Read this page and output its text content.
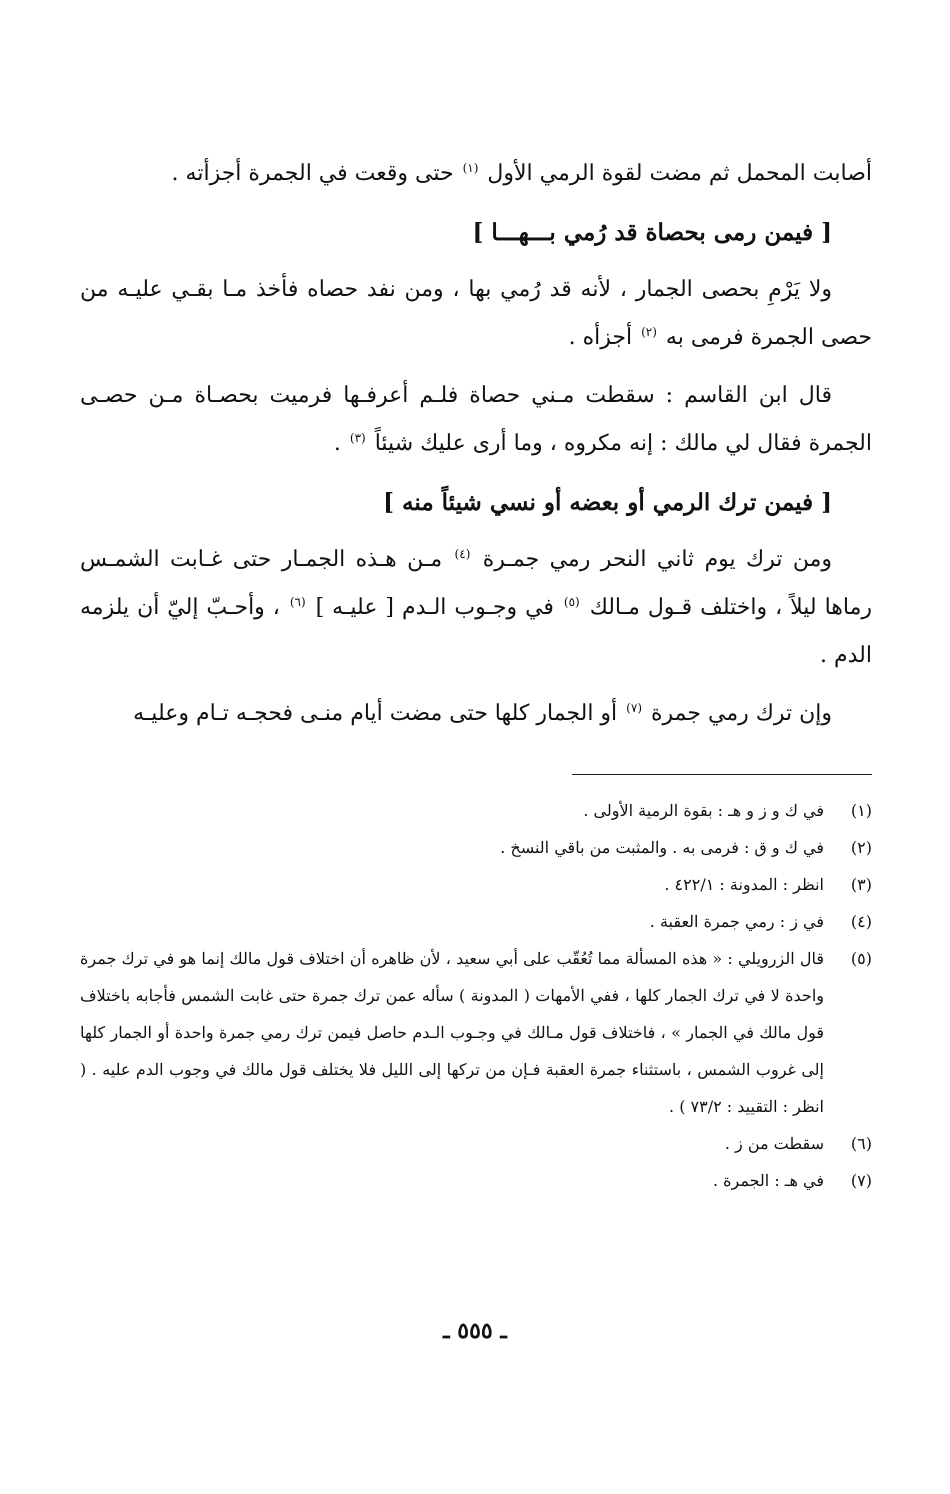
أصابت المحمل ثم مضت لقوة الرمي الأول $^{(١)}$ حتى وقعت في الجمرة أجزأته .

[ فيمن رمى بحصاة قد رُمي بـــهـــا ]

ولا يَرْمِ بحصى الجمار ، لأنه قد رُمي بها ، ومن نفد حصاه فأخذ مـا بقـي عليـه من حصى الجمرة فرمى به $^{(٢)}$ أجزأه .

قال ابن القاسم : سقطت مـني حصاة فلـم أعرفـها فرميت بحصـاة مـن حصـى الجمرة فقال لي مالك : إنه مكروه ، وما أرى عليك شيئاً $^{(٣)}$ .

[ فيمن ترك الرمي أو بعضه أو نسي شيئاً منه ]

ومن ترك يوم ثاني النحر رمي جمـرة $^{(٤)}$ مـن هـذه الجمـار حتى غـابت الشمـس رماها ليلاً ، واختلف قـول مـالك $^{(٥)}$ في وجـوب الـدم [ عليـه ] $^{(٦)}$ ، وأحـبّ إليّ أن يلزمه الدم .

وإن ترك رمي جمرة $^{(٧)}$ أو الجمار كلها حتى مضت أيام منـى فحجـه تـام وعليـه

(١)
في ك و ز و هـ : بقوة الرمية الأولى .
(٢)
في ك و ق : فرمى به . والمثبت من باقي النسخ .
(٣)
انظر : المدونة : ٤٢٢/١ .
(٤)
في ز : رمي جمرة العقبة .
(٥)
قال الزرويلي : « هذه المسألة مما تُعُقّب على أبي سعيد ، لأن ظاهره أن اختلاف قول مالك إنما هو في ترك جمرة واحدة لا في ترك الجمار كلها ، ففي الأمهات ( المدونة ) سأله عمن ترك جمرة حتى غابت الشمس فأجابه باختلاف قول مالك في الجمار » ، فاختلاف قول مـالك في وجـوب الـدم حاصل فيمن ترك رمي جمرة واحدة أو الجمار كلها إلى غروب الشمس ، باستثناء جمرة العقبة فـإن من تركها إلى الليل فلا يختلف قول مالك في وجوب الدم عليه . ( انظر : التقييد : ٧٣/٢ ) .
(٦)
سقطت من ز .
(٧)
في هـ : الجمرة .
ـ ٥٥٥ ـ
